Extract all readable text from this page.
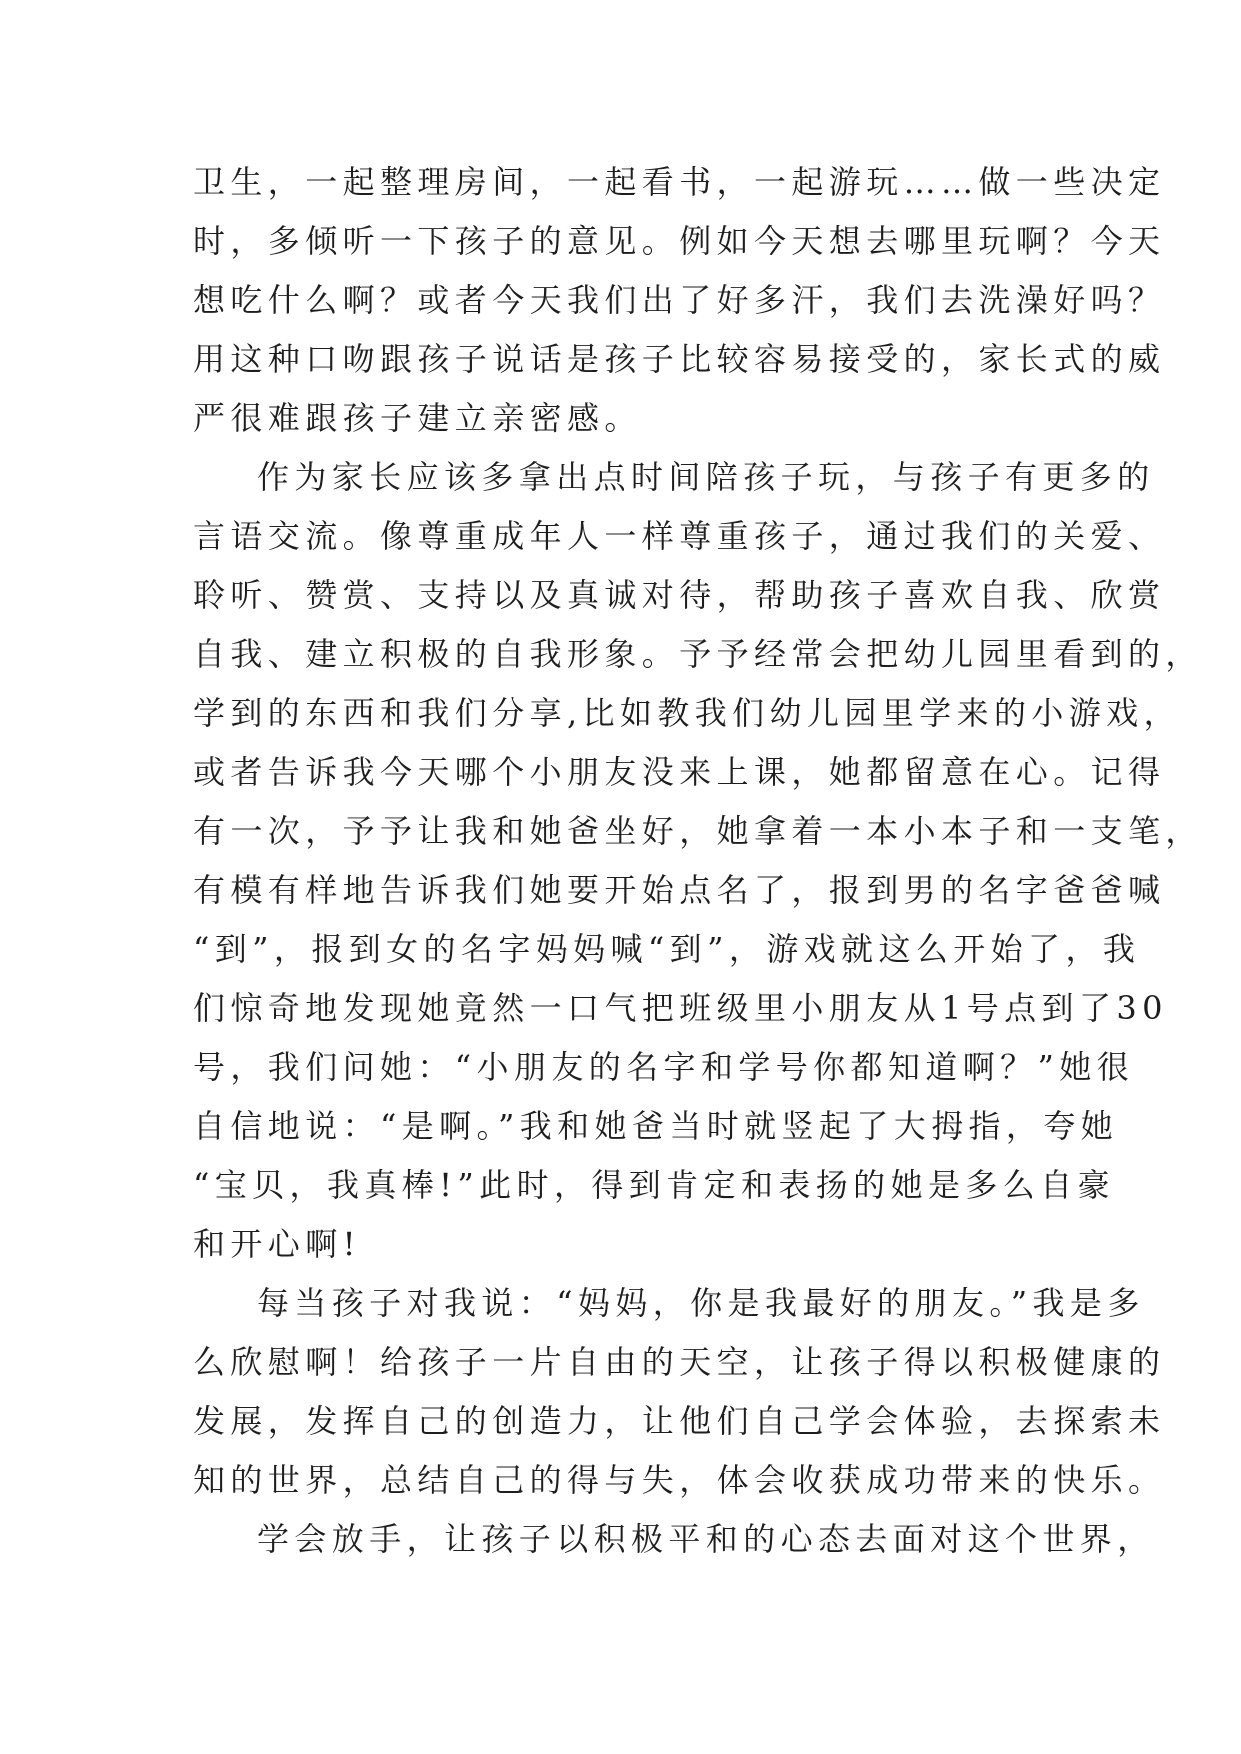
卫生，一起整理房间，一起看书，一起游玩……做一些决定
时，多倾听一下孩子的意见。例如今天想去哪里玩啊？今天
想吃什么啊？或者今天我们出了好多汗，我们去洗澡好吗？
用这种口吻跟孩子说话是孩子比较容易接受的，家长式的威
严很难跟孩子建立亲密感。
作为家长应该多拿出点时间陪孩子玩，与孩子有更多的
言语交流。像尊重成年人一样尊重孩子，通过我们的关爱、
聆听、赞赏、支持以及真诚对待，帮助孩子喜欢自我、欣赏
自我、建立积极的自我形象。予予经常会把幼儿园里看到的，
学到的东西和我们分享,比如教我们幼儿园里学来的小游戏，
或者告诉我今天哪个小朋友没来上课，她都留意在心。记得
有一次，予予让我和她爸坐好，她拿着一本小本子和一支笔，
有模有样地告诉我们她要开始点名了，报到男的名字爸爸喊
“到”，报到女的名字妈妈喊“到”，游戏就这么开始了，我
们惊奇地发现她竟然一口气把班级里小朋友从1号点到了30
号，我们问她：“小朋友的名字和学号你都知道啊？”她很
自信地说：“是啊。”我和她爸当时就竖起了大拇指，夸她
“宝贝，我真棒!”此时，得到肯定和表扬的她是多么自豪
和开心啊!
每当孩子对我说：“妈妈，你是我最好的朋友。”我是多
么欣慰啊！给孩子一片自由的天空，让孩子得以积极健康的
发展，发挥自己的创造力，让他们自己学会体验，去探索未
知的世界，总结自己的得与失，体会收获成功带来的快乐。
学会放手，让孩子以积极平和的心态去面对这个世界，
